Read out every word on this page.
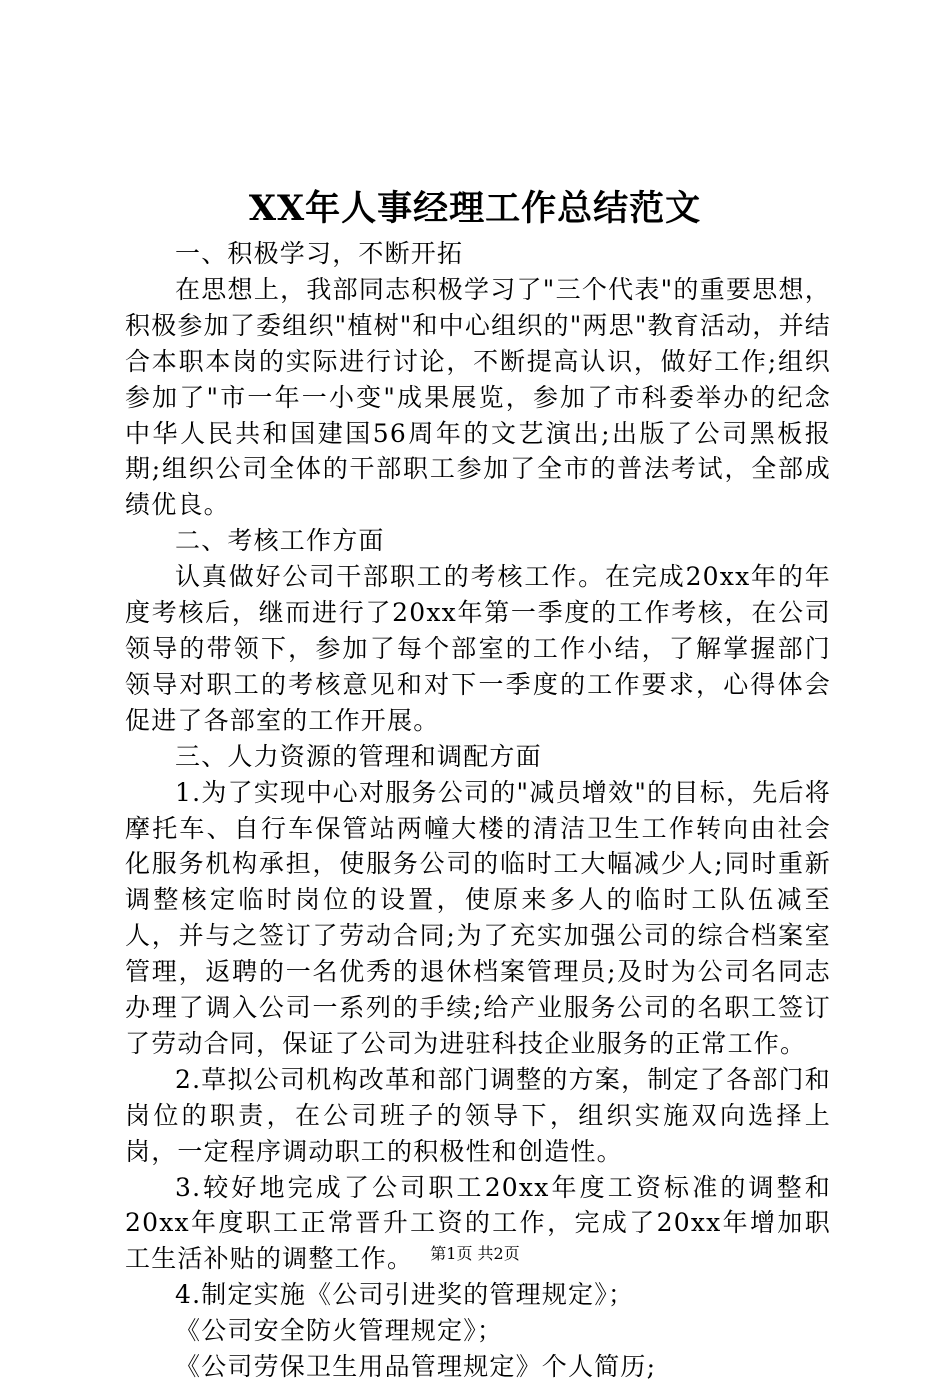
XX年人事经理工作总结范文

一、积极学习，不断开拓

在思想上，我部同志积极学习了"三个代表"的重要思想，积极参加了委组织"植树"和中心组织的"两思"教育活动，并结合本职本岗的实际进行讨论，不断提高认识，做好工作;组织参加了"市一年一小变"成果展览，参加了市科委举办的纪念中华人民共和国建国56周年的文艺演出;出版了公司黑板报期;组织公司全体的干部职工参加了全市的普法考试，全部成绩优良。

二、考核工作方面

认真做好公司干部职工的考核工作。在完成20xx年的年度考核后，继而进行了20xx年第一季度的工作考核，在公司领导的带领下，参加了每个部室的工作小结，了解掌握部门领导对职工的考核意见和对下一季度的工作要求，心得体会促进了各部室的工作开展。

三、人力资源的管理和调配方面

1.为了实现中心对服务公司的"减员增效"的目标，先后将摩托车、自行车保管站两幢大楼的清洁卫生工作转向由社会化服务机构承担，使服务公司的临时工大幅减少人;同时重新调整核定临时岗位的设置，使原来多人的临时工队伍减至人，并与之签订了劳动合同;为了充实加强公司的综合档案室管理，返聘的一名优秀的退休档案管理员;及时为公司名同志办理了调入公司一系列的手续;给产业服务公司的名职工签订了劳动合同，保证了公司为进驻科技企业服务的正常工作。

2.草拟公司机构改革和部门调整的方案，制定了各部门和岗位的职责，在公司班子的领导下，组织实施双向选择上岗，一定程序调动职工的积极性和创造性。

3.较好地完成了公司职工20xx年度工资标准的调整和20xx年度职工正常晋升工资的工作，完成了20xx年增加职工生活补贴的调整工作。

4.制定实施《公司引进奖的管理规定》；

《公司安全防火管理规定》；

《公司劳保卫生用品管理规定》个人简历;

第1页 共2页
